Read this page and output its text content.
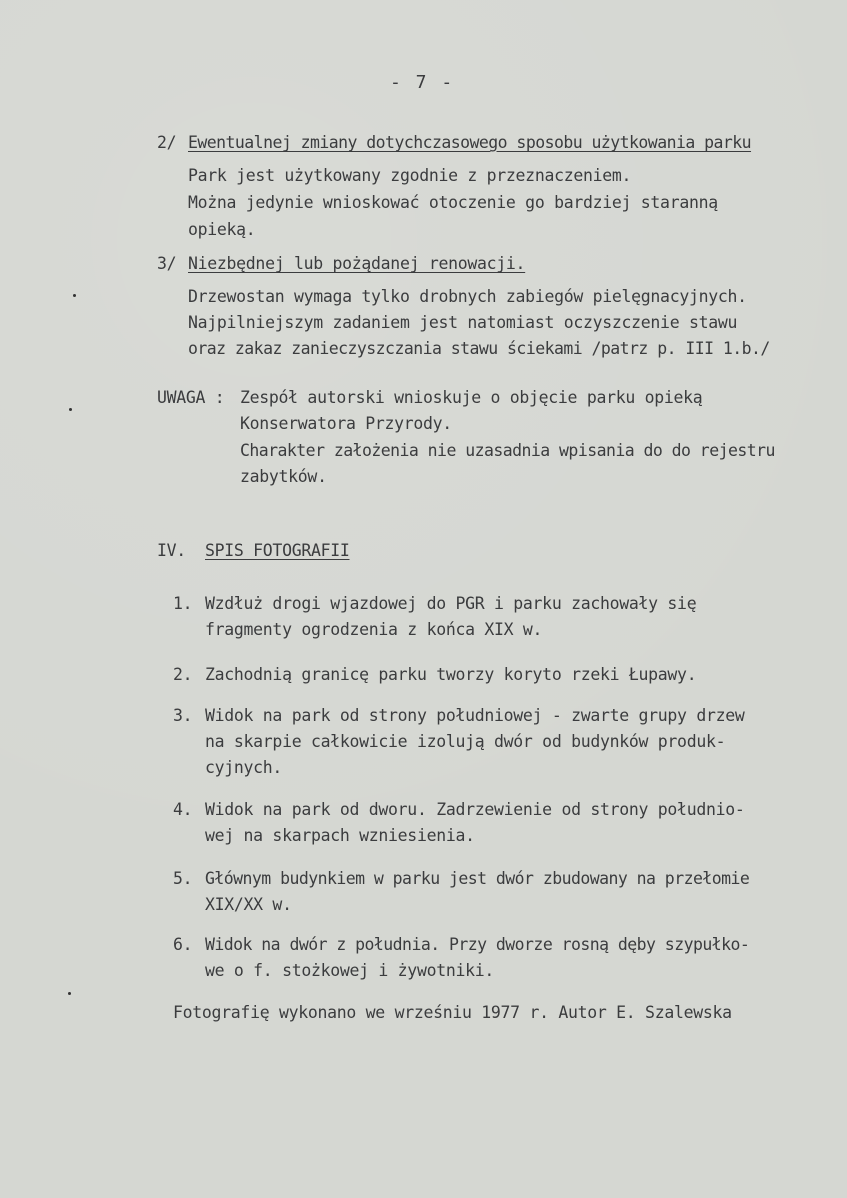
- 7 -
2/ Ewentualnej zmiany dotychczasowego sposobu użytkowania parku
Park jest użytkowany zgodnie z przeznaczeniem.
Można jedynie wnioskować otoczenie go bardziej staranną
opieką.
3/ Niezbędnej lub pożądanej renowacji.
Drzewostan wymaga tylko drobnych zabiegów pielęgnacyjnych.
Najpilniejszym zadaniem jest natomiast oczyszczenie stawu
oraz zakaz zanieczyszczania stawu ściekami /patrz p. III 1.b./
UWAGA : Zespół autorski wnioskuje o objęcie parku opieką
Konserwatora Przyrody.
Charakter założenia nie uzasadnia wpisania do do rejestru
zabytków.
IV. SPIS FOTOGRAFII
1. Wzdłuż drogi wjazdowej do PGR i parku zachowały się
fragmenty ogrodzenia z końca XIX w.
2. Zachodnią granicę parku tworzy koryto rzeki Łupawy.
3. Widok na park od strony południowej - zwarte grupy drzew
na skarpie całkowicie izolują dwór od budynków produk-
cyjnych.
4. Widok na park od dworu. Zadrzewienie od strony południo-
wej na skarpach wzniesienia.
5. Głównym budynkiem w parku jest dwór zbudowany na przełomie
XIX/XX w.
6. Widok na dwór z południa. Przy dworze rosną dęby szypułko-
we o f. stożkowej i żywotniki.
Fotografię wykonano we wrześniu 1977 r. Autor E. Szalewska
